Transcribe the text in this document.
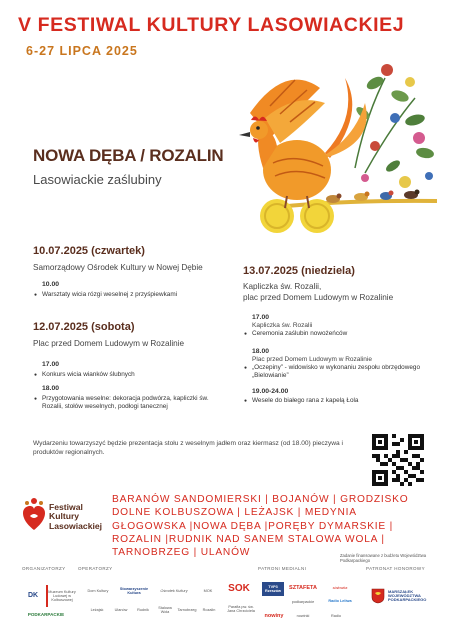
V FESTIWAL KULTURY LASOWIACKIEJ
6-27 LIPCA 2025
NOWA DĘBA / ROZALIN
Lasowiackie zaślubiny
10.07.2025 (czwartek)
Samorządowy Ośrodek Kultury w Nowej Dębie
10.00
● Warsztaty wicia rózgi weselnej z przyśpiewkami
12.07.2025 (sobota)
Plac przed Domem Ludowym w Rozalinie
17.00
● Konkurs wicia wianków ślubnych
18.00
● Przygotowania weselne: dekoracja podwórza, kapliczki św. Rozalii, stołów weselnych, podłogi tanecznej
13.07.2025 (niedziela)
Kapliczka św. Rozalii,
plac przed Domem Ludowym w Rozalinie
17.00
Kapliczka św. Rozalii
● Ceremonia zaślubin nowożeńców
18.00
Plac przed Domem Ludowym w Rozalinie
● „Oczepiny” - widowisko w wykonaniu zespołu obrzędowego „Bielowianie”
19.00-24.00
● Wesele do białego rana z kapelą Łola
Wydarzeniu towarzyszyć będzie prezentacja stołu z weselnym jadłem oraz kiermasz (od 18.00) pieczywa i produktów regionalnych.
Festiwal
Kultury
Lasowiackiej
BARANÓW SANDOMIERSKI | BOJANÓW | GRODZISKO DOLNE KOLBUSZOWA | LEŻAJSK | MEDYNIA GŁOGOWSKA |NOWA DĘBA |PORĘBY DYMARSKIE | ROZALIN |RUDNIK NAD SANEM STALOWA WOLA | TARNOBRZEG | ULANÓW	Zadanie finansowane z budżetu Województwa Podkarpackiego
ORGANIZATORZY	OPERATORZY	PATRONI MEDIALNI	PATRONAT HONOROWY
DK
Muzeum Kultury Ludowej w Kolbuszowej
PODKARPACKIE
Dom Kultury
Stowarzyszenie Kultura
Ośrodek Kultury	MOK	SOK
Parafia pw. św. Jana Chrzciciela
Rozalin
Leżajsk	Ulanów	Rudnik
Stalowa Wola
Tarnobrzeg
TVP3 Rzeszów
SZTAFETA	stalowka
podkarpackie	Radio Leliwa
nowiny	nowinki	Radio
MARSZAŁEK WOJEWÓDZTWA PODKARPACKIEGO
